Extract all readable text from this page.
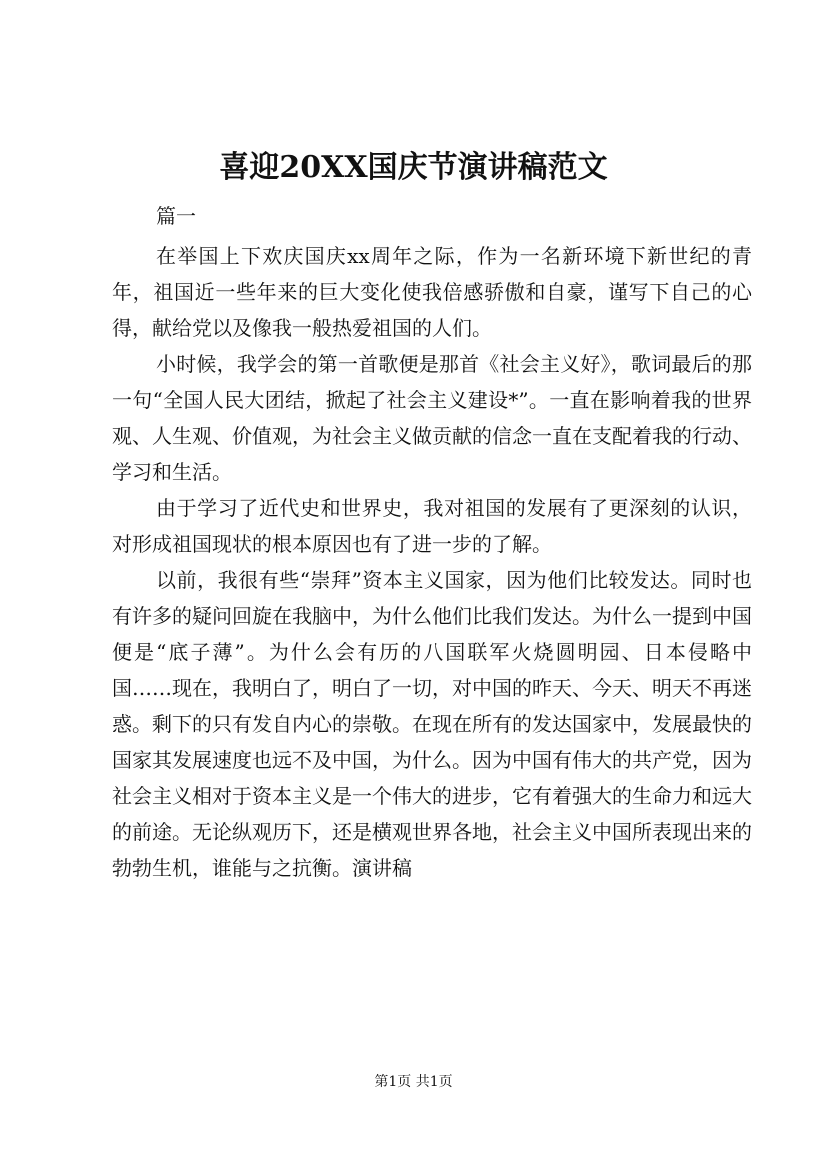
喜迎20XX国庆节演讲稿范文

篇一

在举国上下欢庆国庆xx周年之际，作为一名新环境下新世纪的青年，祖国近一些年来的巨大变化使我倍感骄傲和自豪，谨写下自己的心得，献给党以及像我一般热爱祖国的人们。

小时候，我学会的第一首歌便是那首《社会主义好》，歌词最后的那一句“全国人民大团结，掀起了社会主义建设*”。一直在影响着我的世界观、人生观、价值观，为社会主义做贡献的信念一直在支配着我的行动、学习和生活。

由于学习了近代史和世界史，我对祖国的发展有了更深刻的认识，对形成祖国现状的根本原因也有了进一步的了解。

以前，我很有些“崇拜”资本主义国家，因为他们比较发达。同时也有许多的疑问回旋在我脑中，为什么他们比我们发达。为什么一提到中国便是“底子薄”。为什么会有历的八国联军火烧圆明园、日本侵略中国……现在，我明白了，明白了一切，对中国的昨天、今天、明天不再迷惑。剩下的只有发自内心的崇敬。在现在所有的发达国家中，发展最快的国家其发展速度也远不及中国，为什么。因为中国有伟大的共产党，因为社会主义相对于资本主义是一个伟大的进步，它有着强大的生命力和远大的前途。无论纵观历下，还是横观世界各地，社会主义中国所表现出来的勃勃生机，谁能与之抗衡。演讲稿

第1页 共1页
